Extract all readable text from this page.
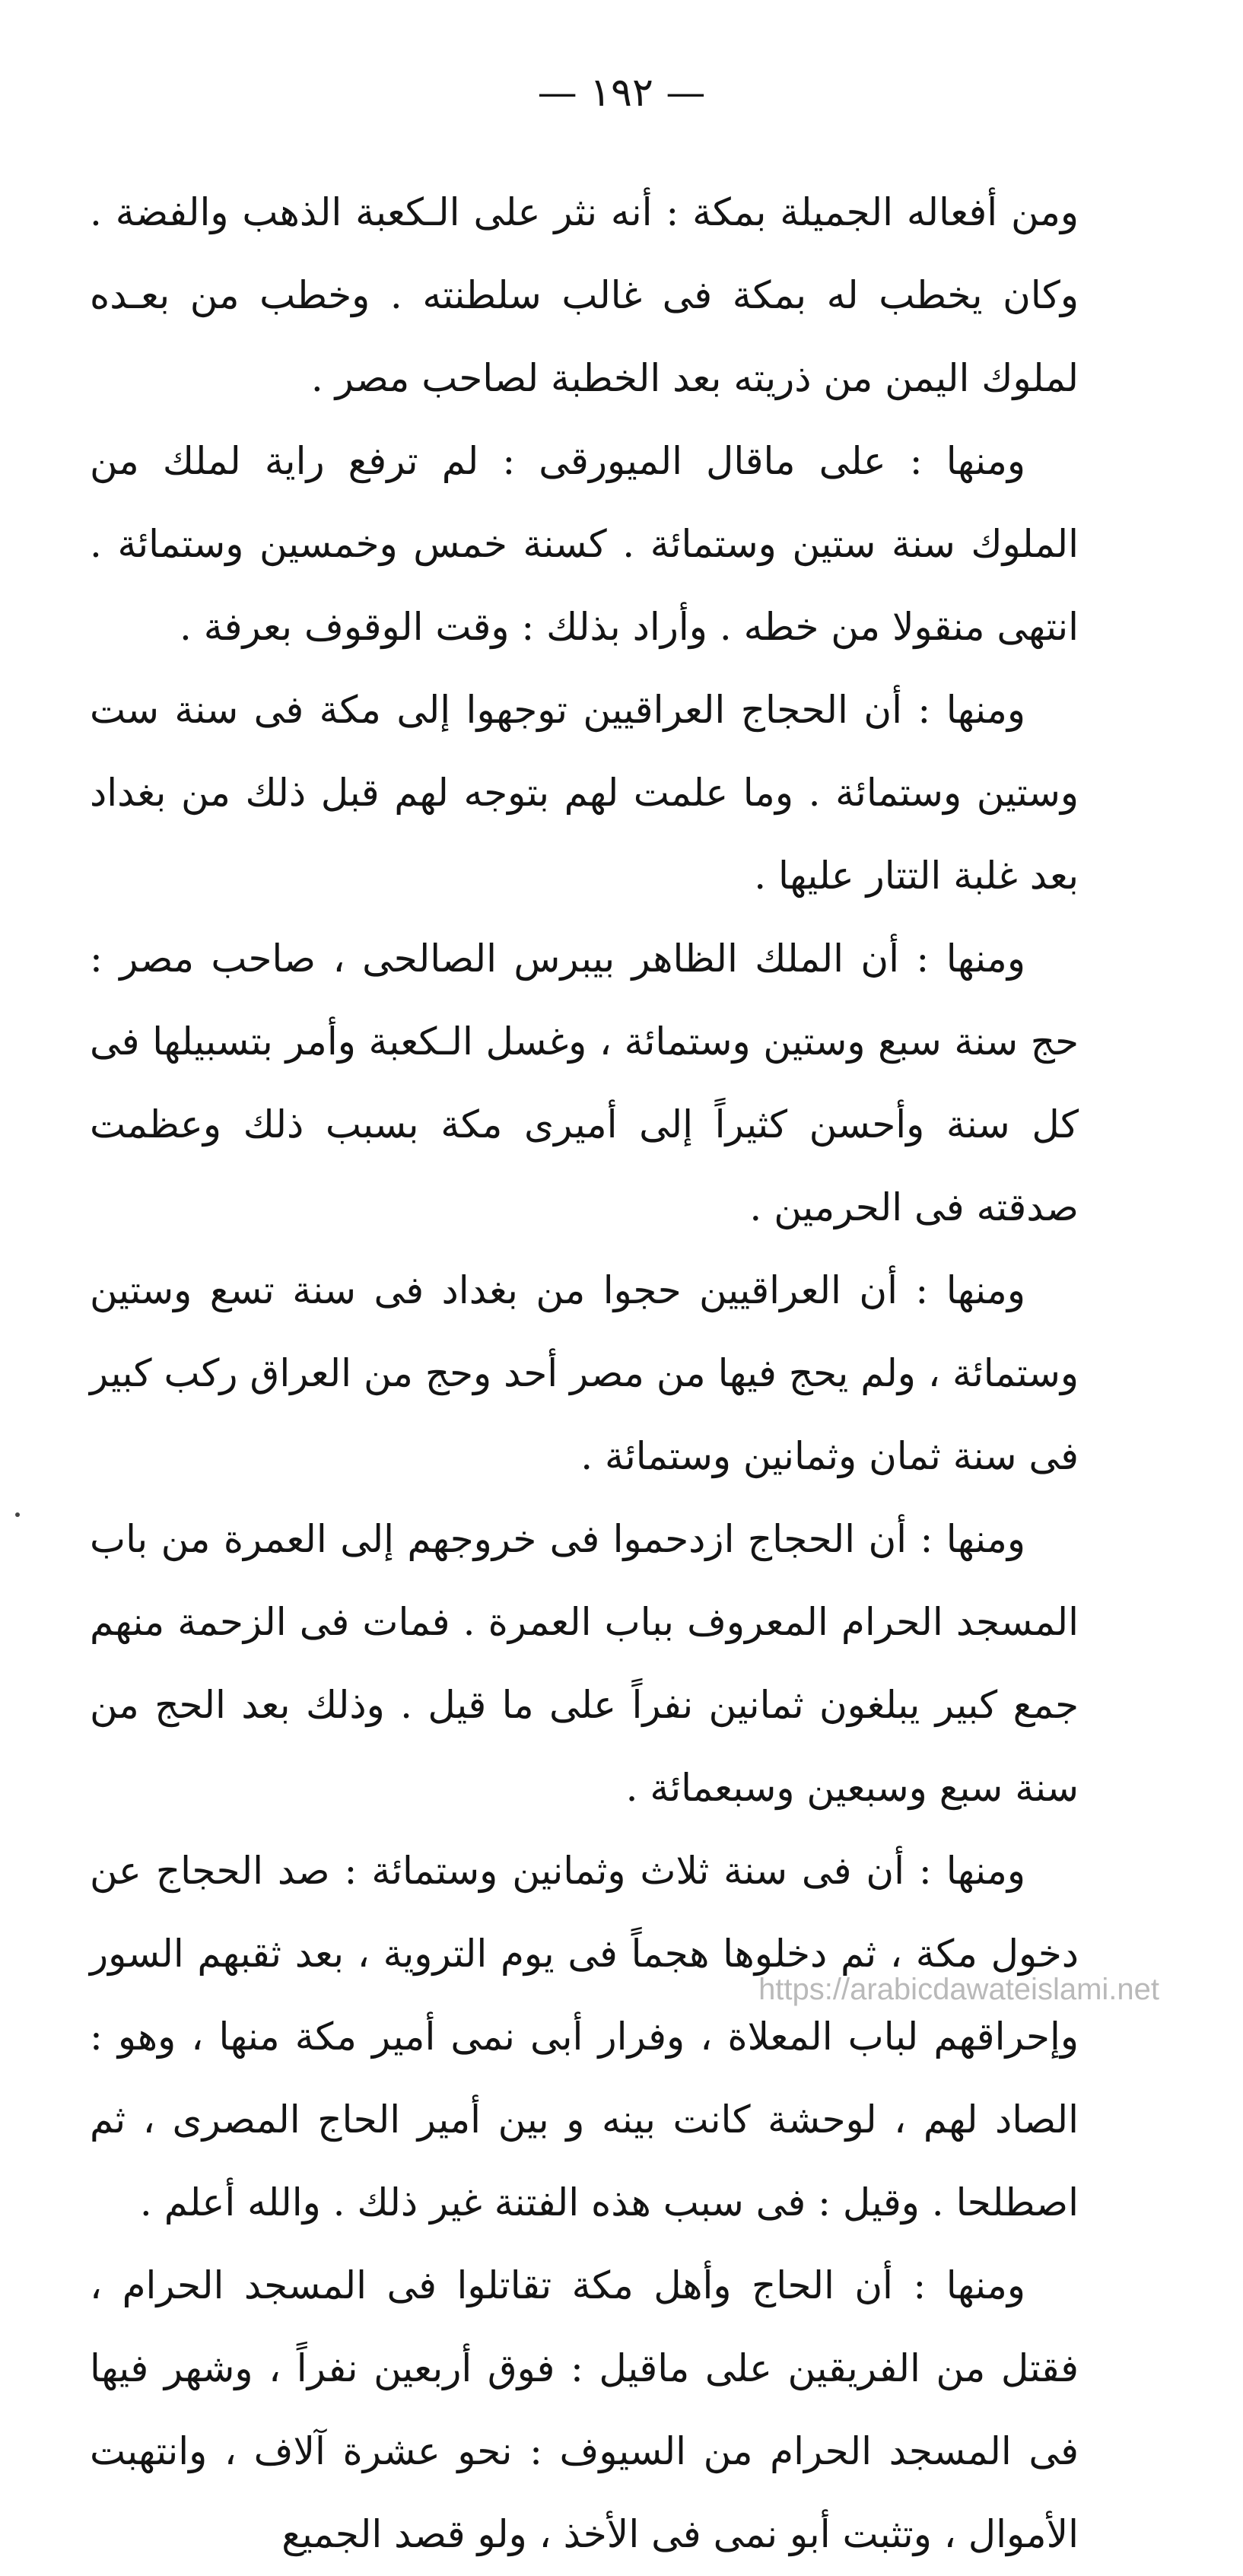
— ١٩٢ —

ومن أفعاله الجميلة بمكة : أنه نثر على الـكعبة الذهب والفضة . وكان يخطب له بمكة فى غالب سلطنته . وخطب من بعـده لملوك اليمن من ذريته بعد الخطبة لصاحب مصر .

ومنها : على ماقال الميورقى : لم ترفع راية لملك من الملوك سنة ستين وستمائة . كسنة خمس وخمسين وستمائة . انتهى منقولا من خطه . وأراد بذلك : وقت الوقوف بعرفة .

ومنها : أن الحجاج العراقيين توجهوا إلى مكة فى سنة ست وستين وستمائة . وما علمت لهم بتوجه لهم قبل ذلك من بغداد بعد غلبة التتار عليها .

ومنها : أن الملك الظاهر بيبرس الصالحى ، صاحب مصر : حج سنة سبع وستين وستمائة ، وغسل الـكعبة وأمر بتسبيلها فى كل سنة وأحسن كثيراً إلى أميرى مكة بسبب ذلك وعظمت صدقته فى الحرمين .

ومنها : أن العراقيين حجوا من بغداد فى سنة تسع وستين وستمائة ، ولم يحج فيها من مصر أحد وحج من العراق ركب كبير فى سنة ثمان وثمانين وستمائة .

ومنها : أن الحجاج ازدحموا فى خروجهم إلى العمرة من باب المسجد الحرام المعروف بباب العمرة . فمات فى الزحمة منهم جمع كبير يبلغون ثمانين نفراً على ما قيل . وذلك بعد الحج من سنة سبع وسبعين وسبعمائة .

ومنها : أن فى سنة ثلاث وثمانين وستمائة : صد الحجاج عن دخول مكة ، ثم دخلوها هجماً فى يوم التروية ، بعد ثقبهم السور وإحراقهم لباب المعلاة ، وفرار أبى نمى أمير مكة منها ، وهو : الصاد لهم ، لوحشة كانت بينه و بين أمير الحاج المصرى ، ثم اصطلحا . وقيل : فى سبب هذه الفتنة غير ذلك . والله أعلم .

ومنها : أن الحاج وأهل مكة تقاتلوا فى المسجد الحرام ، فقتل من الفريقين على ماقيل : فوق أربعين نفراً ، وشهر فيها فى المسجد الحرام من السيوف : نحو عشرة آلاف ، وانتهبت الأموال ، وتثبت أبو نمى فى الأخذ ، ولو قصد الجميع

https://arabicdawateislami.net
